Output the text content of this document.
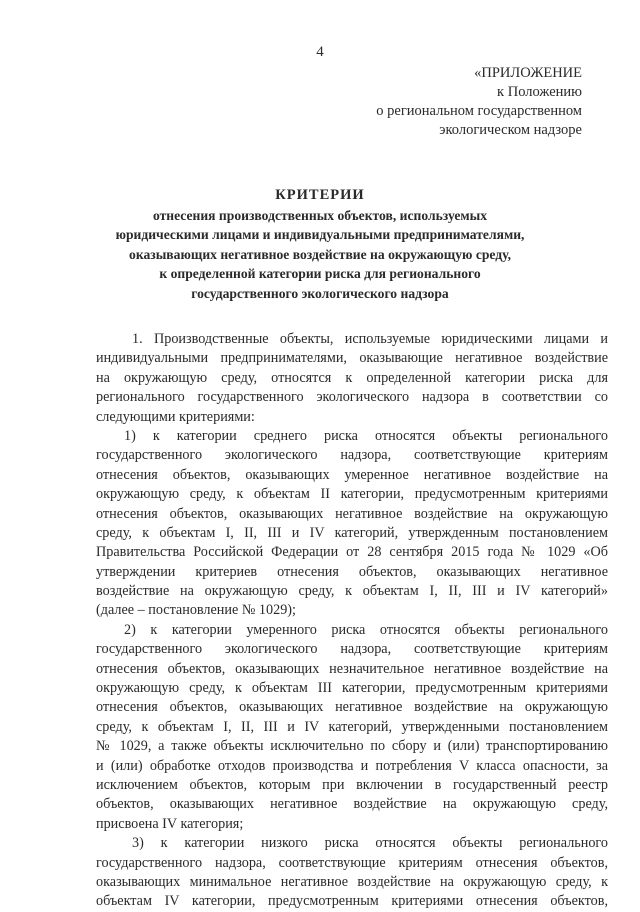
4
«ПРИЛОЖЕНИЕ
к Положению
о региональном государственном
экологическом надзоре
КРИТЕРИИ
отнесения производственных объектов, используемых
юридическими лицами и индивидуальными предпринимателями,
оказывающих негативное воздействие на окружающую среду,
к определенной категории риска для регионального
государственного экологического надзора
1. Производственные объекты, используемые юридическими лицами и
индивидуальными предпринимателями, оказывающие негативное воздействие
на окружающую среду, относятся к определенной категории риска для
регионального государственного экологического надзора в соответствии со
следующими критериями:
1) к категории среднего риска относятся объекты регионального
государственного экологического надзора, соответствующие критериям
отнесения объектов, оказывающих умеренное негативное воздействие на
окружающую среду, к объектам II категории, предусмотренным критериями
отнесения объектов, оказывающих негативное воздействие на окружающую
среду, к объектам I, II, III и IV категорий, утвержденным постановлением
Правительства Российской Федерации от 28 сентября 2015 года № 1029 «Об
утверждении критериев отнесения объектов, оказывающих негативное
воздействие на окружающую среду, к объектам I, II, III и IV категорий»
(далее – постановление № 1029);
2) к категории умеренного риска относятся объекты регионального
государственного экологического надзора, соответствующие критериям
отнесения объектов, оказывающих незначительное негативное воздействие на
окружающую среду, к объектам III категории, предусмотренным критериями
отнесения объектов, оказывающих негативное воздействие на окружающую
среду, к объектам I, II, III и IV категорий, утвержденными постановлением
№ 1029, а также объекты исключительно по сбору и (или) транспортированию
и (или) обработке отходов производства и потребления V класса опасности, за
исключением объектов, которым при включении в государственный реестр
объектов, оказывающих негативное воздействие на окружающую среду,
присвоена IV категория;
3) к категории низкого риска относятся объекты регионального
государственного надзора, соответствующие критериям отнесения объектов,
оказывающих минимальное негативное воздействие на окружающую среду, к
объектам IV категории, предусмотренным критериями отнесения объектов,
